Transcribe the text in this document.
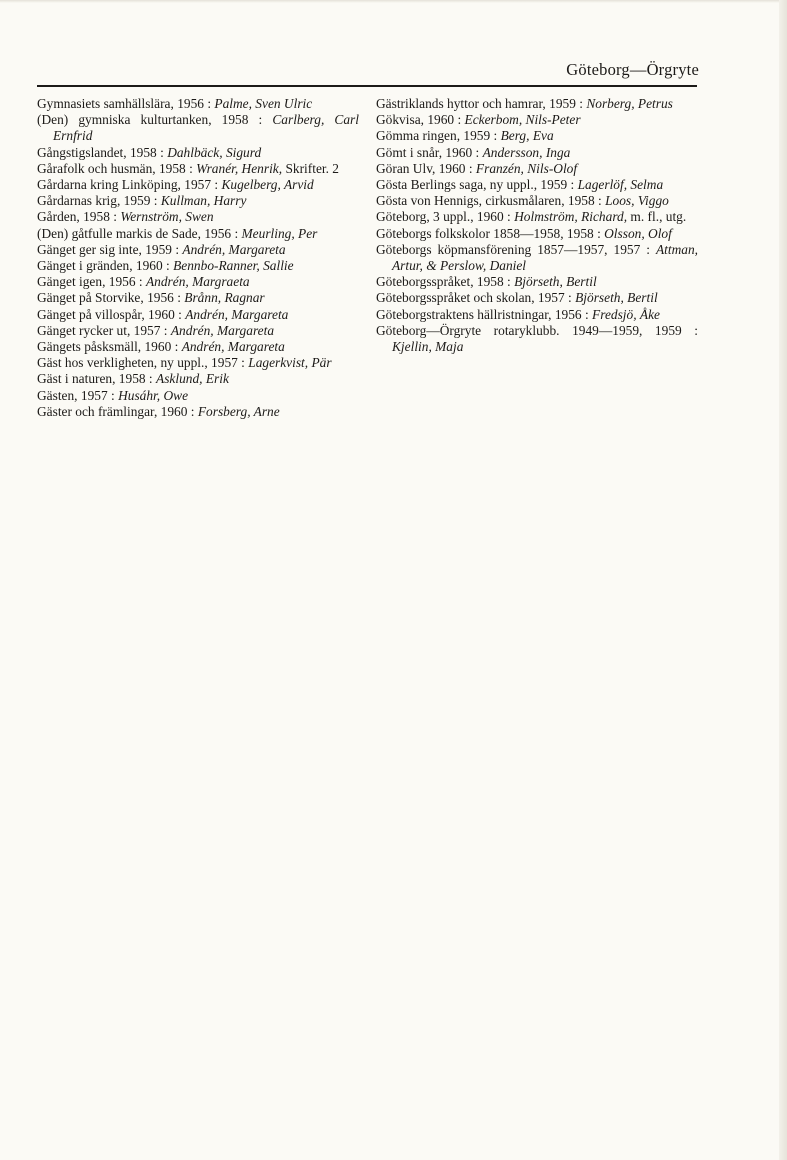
Göteborg—Örgryte

Gymnasiets samhällslära, 1956 : Palme, Sven Ulric

(Den) gymniska kulturtanken, 1958 : Carlberg, Carl Ernfrid

Gångstigslandet, 1958 : Dahlbäck, Sigurd

Gårafolk och husmän, 1958 : Wranér, Henrik, Skrifter. 2

Gårdarna kring Linköping, 1957 : Kugelberg, Arvid

Gårdarnas krig, 1959 : Kullman, Harry

Gården, 1958 : Wernström, Swen

(Den) gåtfulle markis de Sade, 1956 : Meurling, Per

Gänget ger sig inte, 1959 : Andrén, Margareta

Gänget i gränden, 1960 : Bennbo-Ranner, Sallie

Gänget igen, 1956 : Andrén, Margraeta

Gänget på Storvike, 1956 : Brånn, Ragnar

Gänget på villospår, 1960 : Andrén, Margareta

Gänget rycker ut, 1957 : Andrén, Margareta

Gängets påsksmäll, 1960 : Andrén, Margareta

Gäst hos verkligheten, ny uppl., 1957 : Lagerkvist, Pär

Gäst i naturen, 1958 : Asklund, Erik

Gästen, 1957 : Husáhr, Owe

Gäster och främlingar, 1960 : Forsberg, Arne

Gästriklands hyttor och hamrar, 1959 : Norberg, Petrus

Gökvisa, 1960 : Eckerbom, Nils-Peter

Gömma ringen, 1959 : Berg, Eva

Gömt i snår, 1960 : Andersson, Inga

Göran Ulv, 1960 : Franzén, Nils-Olof

Gösta Berlings saga, ny uppl., 1959 : Lagerlöf, Selma

Gösta von Hennigs, cirkusmålaren, 1958 : Loos, Viggo

Göteborg, 3 uppl., 1960 : Holmström, Richard, m. fl., utg.

Göteborgs folkskolor 1858—1958, 1958 : Olsson, Olof

Göteborgs köpmansförening 1857—1957, 1957 : Attman, Artur, & Perslow, Daniel

Göteborgsspråket, 1958 : Björseth, Bertil

Göteborgsspråket och skolan, 1957 : Björseth, Bertil

Göteborgstraktens hällristningar, 1956 : Fredsjö, Åke

Göteborg—Örgryte rotaryklubb. 1949—1959, 1959 : Kjellin, Maja
